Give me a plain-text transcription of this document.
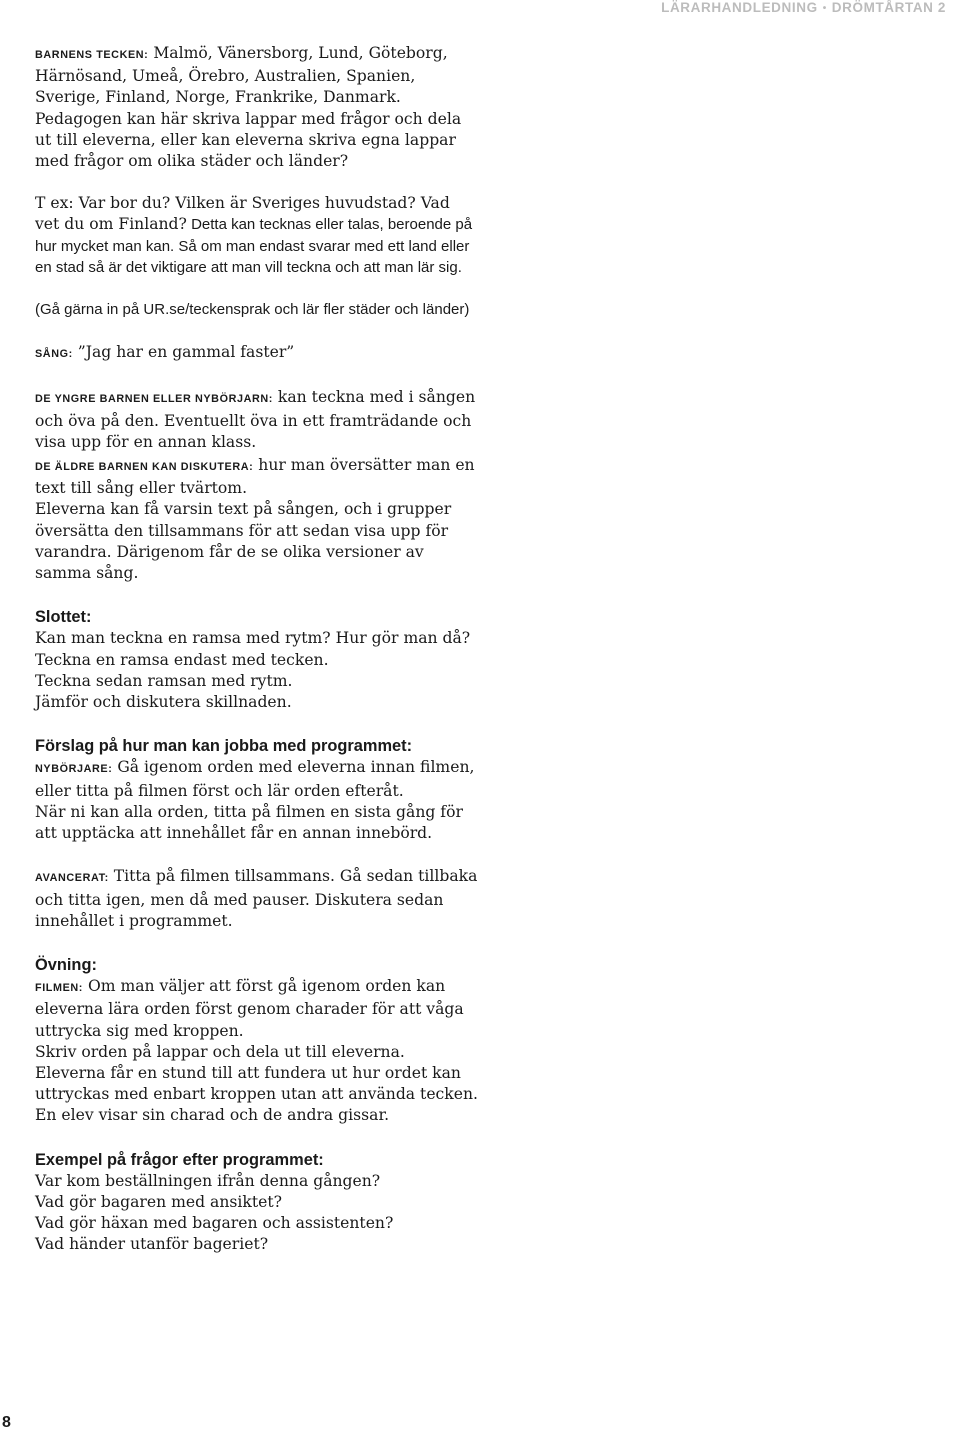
LÄRARHANDLEDNING • DRÖMTÅRTAN 2

BARNENS TECKEN: Malmö, Vänersborg, Lund, Göteborg, Härnösand, Umeå, Örebro, Australien, Spanien, Sverige, Finland, Norge, Frankrike, Danmark.

Pedagogen kan här skriva lappar med frågor och dela ut till eleverna, eller kan eleverna skriva egna lappar med frågor om olika städer och länder?

T ex: Var bor du? Vilken är Sveriges huvudstad? Vad vet du om Finland? Detta kan tecknas eller talas, beroende på hur mycket man kan. Så om man endast svarar med ett land eller en stad så är det viktigare att man vill teckna och att man lär sig.

(Gå gärna in på UR.se/teckensprak och lär fler städer och länder)

SÅNG: ”Jag har en gammal faster”

DE YNGRE BARNEN ELLER NYBÖRJARN: kan teckna med i sången och öva på den. Eventuellt öva in ett framträdande och visa upp för en annan klass.

DE ÄLDRE BARNEN KAN DISKUTERA: hur man översätter man en text till sång eller tvärtom.

Eleverna kan få varsin text på sången, och i grupper översätta den tillsammans för att sedan visa upp för varandra. Därigenom får de se olika versioner av samma sång.

Slottet:

Kan man teckna en ramsa med rytm? Hur gör man då?

Teckna en ramsa endast med tecken.

Teckna sedan ramsan med rytm.

Jämför och diskutera skillnaden.

Förslag på hur man kan jobba med programmet:

NYBÖRJARE: Gå igenom orden med eleverna innan filmen, eller titta på filmen först och lär orden efteråt.

När ni kan alla orden, titta på filmen en sista gång för att upptäcka att innehållet får en annan innebörd.

AVANCERAT: Titta på filmen tillsammans. Gå sedan tillbaka och titta igen, men då med pauser. Diskutera sedan innehållet i programmet.

Övning:

FILMEN: Om man väljer att först gå igenom orden kan eleverna lära orden först genom charader för att våga uttrycka sig med kroppen.

Skriv orden på lappar och dela ut till eleverna. Eleverna får en stund till att fundera ut hur ordet kan uttryckas med enbart kroppen utan att använda tecken. En elev visar sin charad och de andra gissar.

Exempel på frågor efter programmet:

Var kom beställningen ifrån denna gången?

Vad gör bagaren med ansiktet?

Vad gör häxan med bagaren och assistenten?

Vad händer utanför bageriet?

8
